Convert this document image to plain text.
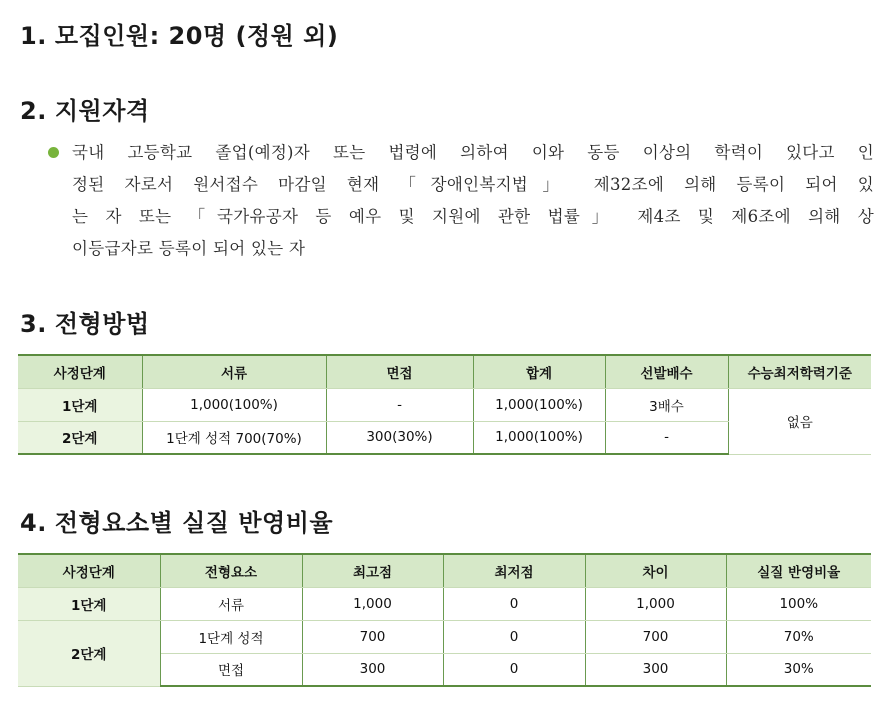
1. 모집인원: 20명 (정원 외)
2. 지원자격
국내 고등학교 졸업(예정)자 또는 법령에 의하여 이와 동등 이상의 학력이 있다고 인
정된 자로서 원서접수 마감일 현재 「장애인복지법」 제32조에 의해 등록이 되어 있
는 자 또는 「국가유공자 등 예우 및 지원에 관한 법률」 제4조 및 제6조에 의해 상
이등급자로 등록이 되어 있는 자
3. 전형방법
사정단계	서류	면접	합계	선발배수	수능최저학력기준
1단계	1,000(100%)	-	1,000(100%)	3배수	없음
2단계	1단계 성적 700(70%)	300(30%)	1,000(100%)	-	
4. 전형요소별 실질 반영비율
사정단계	전형요소	최고점	최저점	차이	실질 반영비율
1단계	서류	1,000	0	1,000	100%
2단계	1단계 성적	700	0	700	70%
	면접	300	0	300	30%
